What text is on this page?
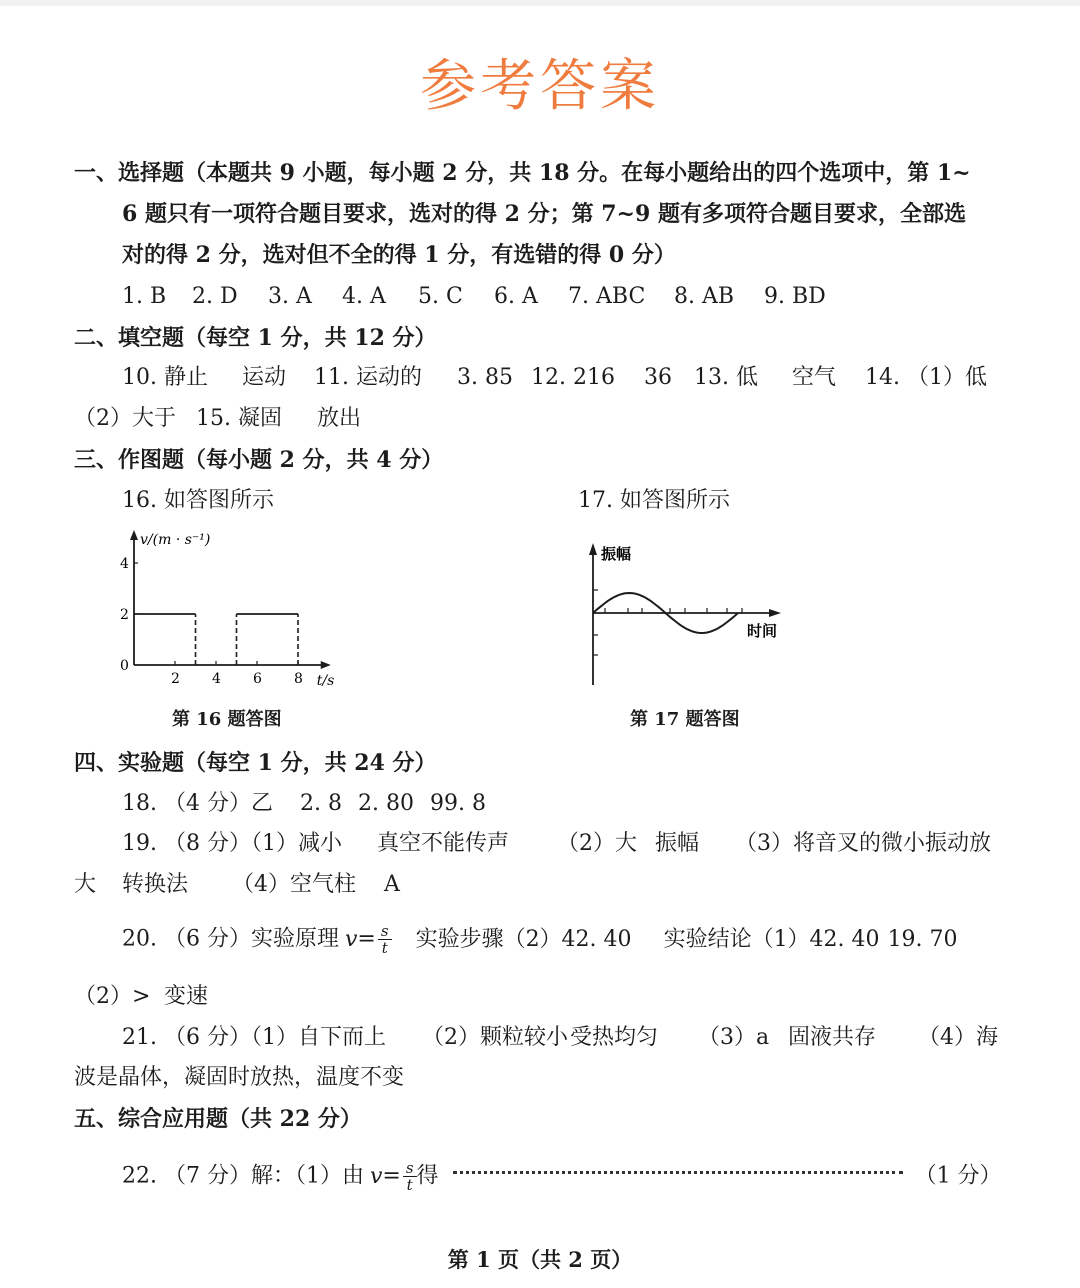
参考答案
一、选择题（本题共 9 小题，每小题 2 分，共 18 分。在每小题给出的四个选项中，第 1~
6 题只有一项符合题目要求，选对的得 2 分；第 7~9 题有多项符合题目要求，全部选
对的得 2 分，选对但不全的得 1 分，有选错的得 0 分）
1. B 2. D 3. A 4. A 5. C 6. A 7. ABC 8. AB 9. BD
二、填空题（每空 1 分，共 12 分）
10. 静止 运动 11. 运动的 3. 85 12. 216 36 13. 低 空气 14. （1）低
（2）大于 15. 凝固 放出
三、作图题（每小题 2 分，共 4 分）
16. 如答图所示	17. 如答图所示
v/(m · s⁻¹)
t/s
0
2 4 6 8
2
4
振幅
时间
第 16 题答图	第 17 题答图
四、实验题（每空 1 分，共 24 分）
18. （4 分）乙 2. 8 2. 80 99. 8
19. （8 分）（1）减小 真空不能传声 （2）大 振幅 （3）将音叉的微小振动放
大 转换法 （4）空气柱 A
20. （6 分）实验原理 $v= \frac{s}{t}$ 实验步骤（2）42. 40 实验结论（1）42. 40 19. 70
（2）> 变速
21. （6 分）（1）自下而上 （2）颗粒较小受热均匀 （3）a 固液共存 （4）海
波是晶体，凝固时放热，温度不变
五、综合应用题（共 22 分）
22. （7 分）解：（1）由 $v= \frac{s}{t}$ 得	（1 分）
第 1 页（共 2 页）
